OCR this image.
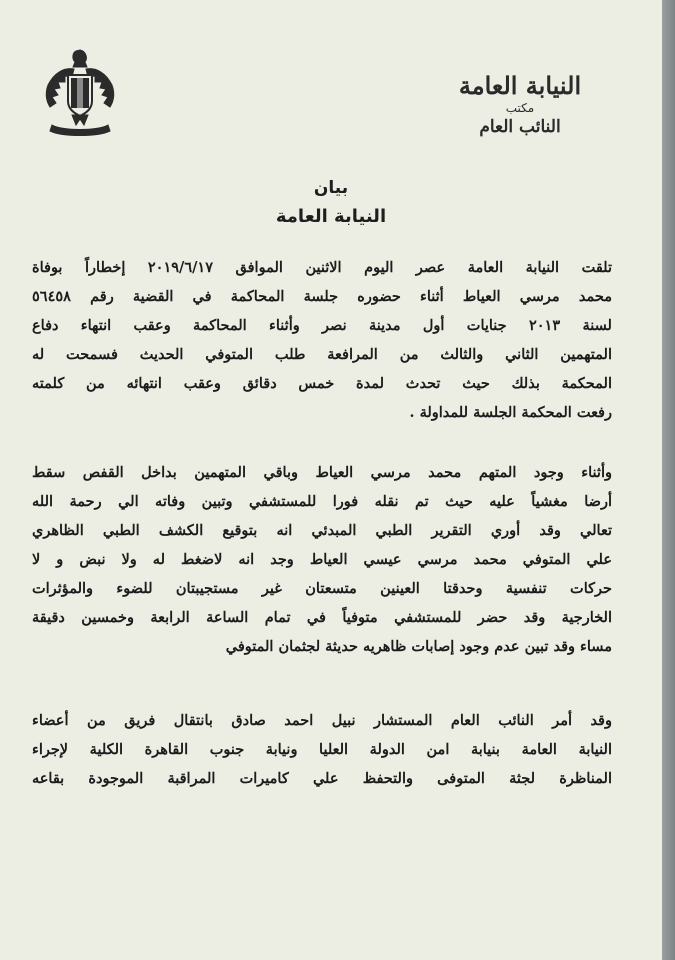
النيابة العامة
مكتب
النائب العام
بيان
النيابة العامة
تلقت النيابة العامة عصر اليوم الاثنين الموافق ٢٠١٩/٦/١٧ إخطاراً بوفاة
محمد مرسي العياط أثناء حضوره جلسة المحاكمة في القضية رقم ٥٦٤٥٨
لسنة ٢٠١٣ جنايات أول مدينة نصر وأثناء المحاكمة وعقب انتهاء دفاع
المتهمين الثاني والثالث من المرافعة طلب المتوفي الحديث فسمحت له
المحكمة بذلك حيث تحدث لمدة خمس دقائق وعقب انتهائه من كلمته
رفعت المحكمة الجلسة للمداولة .
وأثناء وجود المتهم محمد مرسي العياط وباقي المتهمين بداخل القفص سقط
أرضا مغشياً عليه حيث تم نقله فورا للمستشفي وتبين وفاته الي رحمة الله
تعالي وقد أوري التقرير الطبي المبدئي انه بتوقيع الكشف الطبي الظاهري
علي المتوفي محمد مرسي عيسي العياط وجد انه لاضغط له ولا نبض و لا
حركات تنفسية وحدقتا العينين متسعتان غير مستجيبتان للضوء والمؤثرات
الخارجية وقد حضر للمستشفي متوفياً في تمام الساعة الرابعة وخمسين دقيقة
مساء وقد تبين عدم وجود إصابات ظاهريه حديثة لجثمان المتوفي
وقد أمر النائب العام المستشار نبيل احمد صادق بانتقال فريق من أعضاء
النيابة العامة بنيابة امن الدولة العليا ونيابة جنوب القاهرة الكلية لإجراء
المناظرة لجثة المتوفى والتحفظ علي كاميرات المراقبة الموجودة بقاعه
